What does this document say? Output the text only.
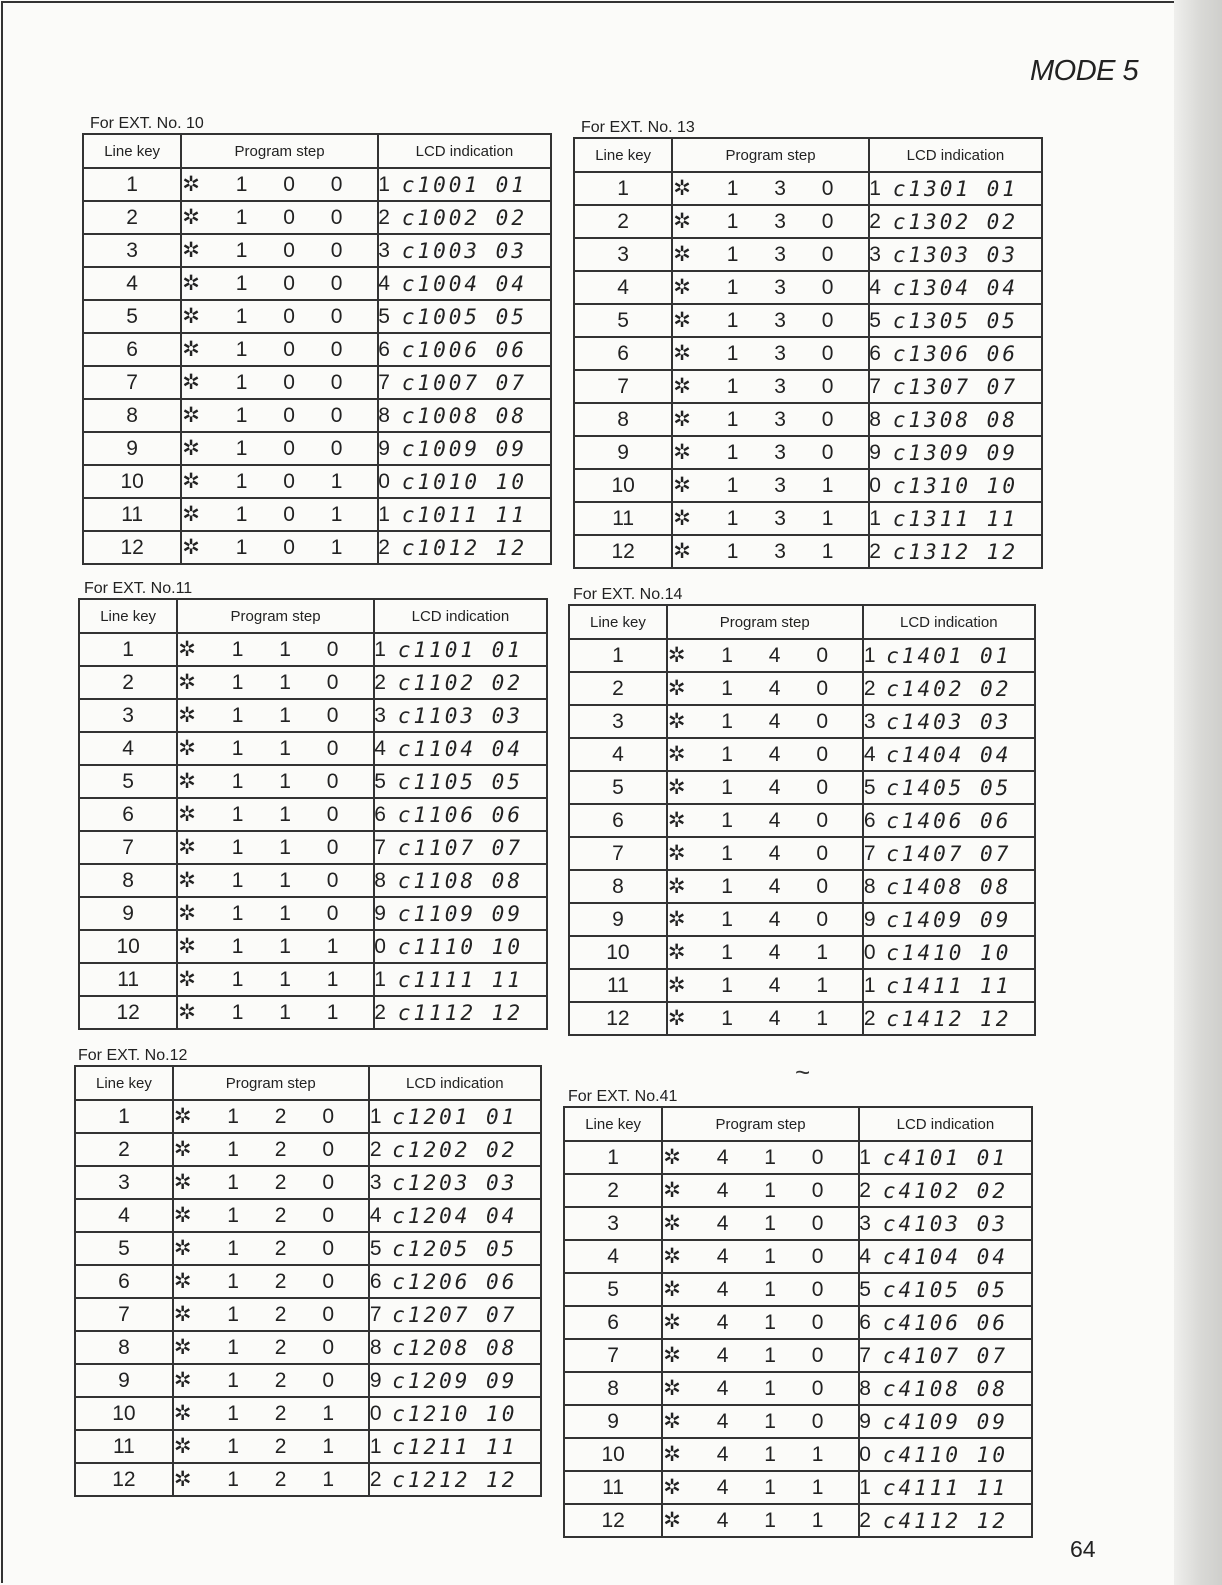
MODE 5
For EXT. No. 10
Line key	Program step	LCD indication
1	✲ 1 0 0 1	c1001 01
2	✲ 1 0 0 2	c1002 02
3	✲ 1 0 0 3	c1003 03
4	✲ 1 0 0 4	c1004 04
5	✲ 1 0 0 5	c1005 05
6	✲ 1 0 0 6	c1006 06
7	✲ 1 0 0 7	c1007 07
8	✲ 1 0 0 8	c1008 08
9	✲ 1 0 0 9	c1009 09
10	✲ 1 0 1 0	c1010 10
11	✲ 1 0 1 1	c1011 11
12	✲ 1 0 1 2	c1012 12
For EXT. No.11
Line key	Program step	LCD indication
1	✲ 1 1 0 1	c1101 01
2	✲ 1 1 0 2	c1102 02
3	✲ 1 1 0 3	c1103 03
4	✲ 1 1 0 4	c1104 04
5	✲ 1 1 0 5	c1105 05
6	✲ 1 1 0 6	c1106 06
7	✲ 1 1 0 7	c1107 07
8	✲ 1 1 0 8	c1108 08
9	✲ 1 1 0 9	c1109 09
10	✲ 1 1 1 0	c1110 10
11	✲ 1 1 1 1	c1111 11
12	✲ 1 1 1 2	c1112 12
For EXT. No.12
Line key	Program step	LCD indication
1	✲ 1 2 0 1	c1201 01
2	✲ 1 2 0 2	c1202 02
3	✲ 1 2 0 3	c1203 03
4	✲ 1 2 0 4	c1204 04
5	✲ 1 2 0 5	c1205 05
6	✲ 1 2 0 6	c1206 06
7	✲ 1 2 0 7	c1207 07
8	✲ 1 2 0 8	c1208 08
9	✲ 1 2 0 9	c1209 09
10	✲ 1 2 1 0	c1210 10
11	✲ 1 2 1 1	c1211 11
12	✲ 1 2 1 2	c1212 12
For EXT. No. 13
Line key	Program step	LCD indication
1	✲ 1 3 0 1	c1301 01
2	✲ 1 3 0 2	c1302 02
3	✲ 1 3 0 3	c1303 03
4	✲ 1 3 0 4	c1304 04
5	✲ 1 3 0 5	c1305 05
6	✲ 1 3 0 6	c1306 06
7	✲ 1 3 0 7	c1307 07
8	✲ 1 3 0 8	c1308 08
9	✲ 1 3 0 9	c1309 09
10	✲ 1 3 1 0	c1310 10
11	✲ 1 3 1 1	c1311 11
12	✲ 1 3 1 2	c1312 12
For EXT. No.14
Line key	Program step	LCD indication
1	✲ 1 4 0 1	c1401 01
2	✲ 1 4 0 2	c1402 02
3	✲ 1 4 0 3	c1403 03
4	✲ 1 4 0 4	c1404 04
5	✲ 1 4 0 5	c1405 05
6	✲ 1 4 0 6	c1406 06
7	✲ 1 4 0 7	c1407 07
8	✲ 1 4 0 8	c1408 08
9	✲ 1 4 0 9	c1409 09
10	✲ 1 4 1 0	c1410 10
11	✲ 1 4 1 1	c1411 11
12	✲ 1 4 1 2	c1412 12
~
For EXT. No.41
Line key	Program step	LCD indication
1	✲ 4 1 0 1	c4101 01
2	✲ 4 1 0 2	c4102 02
3	✲ 4 1 0 3	c4103 03
4	✲ 4 1 0 4	c4104 04
5	✲ 4 1 0 5	c4105 05
6	✲ 4 1 0 6	c4106 06
7	✲ 4 1 0 7	c4107 07
8	✲ 4 1 0 8	c4108 08
9	✲ 4 1 0 9	c4109 09
10	✲ 4 1 1 0	c4110 10
11	✲ 4 1 1 1	c4111 11
12	✲ 4 1 1 2	c4112 12
64
